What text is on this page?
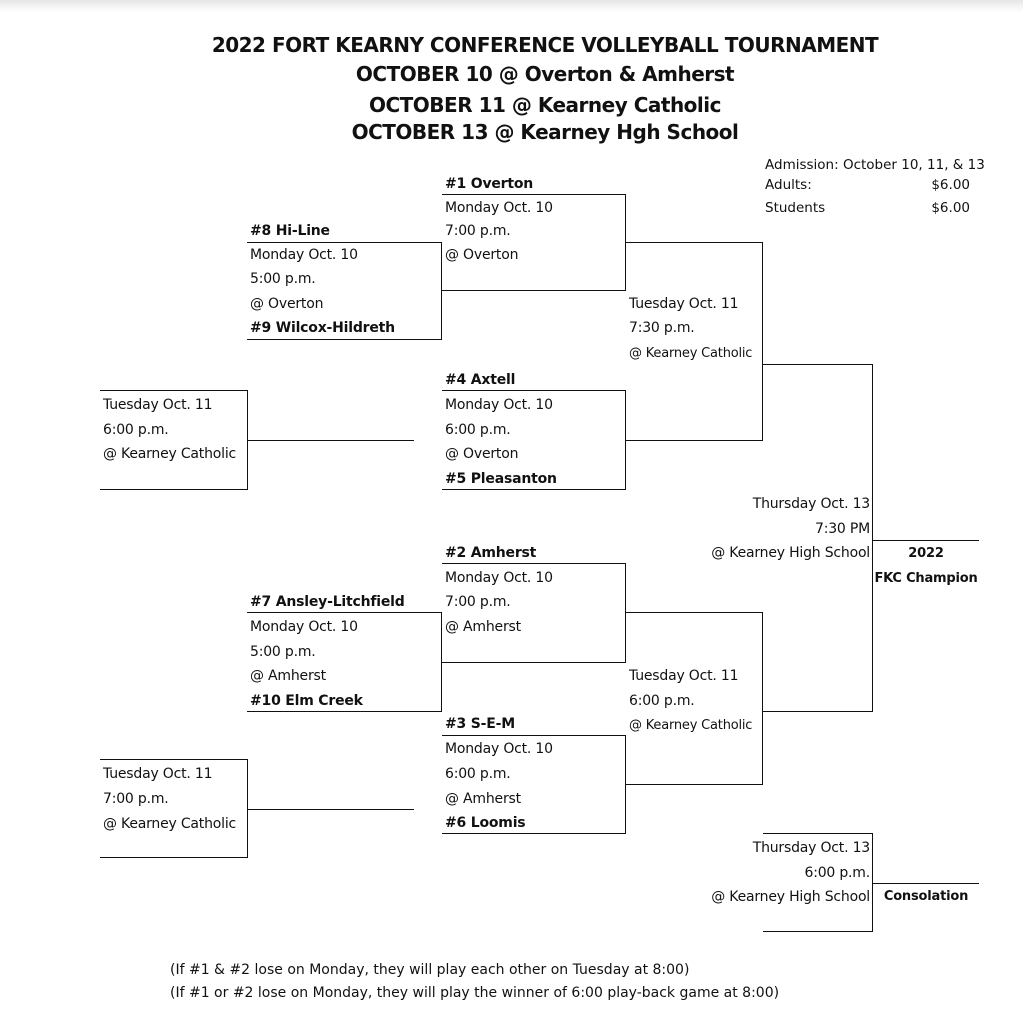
2022 FORT KEARNY CONFERENCE VOLLEYBALL TOURNAMENT
OCTOBER 10 @ Overton & Amherst
OCTOBER 11 @ Kearney Catholic
OCTOBER 13 @ Kearney Hgh School
Admission: October 10, 11, & 13
Adults:	$6.00
Students	$6.00
#8 Hi-Line
Monday Oct. 10
5:00 p.m.
@ Overton
#9 Wilcox-Hildreth
#1 Overton
Monday Oct. 10
7:00 p.m.
@ Overton
#4 Axtell
Monday Oct. 10
6:00 p.m.
@ Overton
#5 Pleasanton
Tuesday Oct. 11
7:30 p.m.
@ Kearney Catholic
Tuesday Oct. 11
6:00 p.m.
@ Kearney Catholic
Thursday Oct. 13
7:30 PM
@ Kearney High School	2022
FKC Champion
#2 Amherst
Monday Oct. 10
7:00 p.m.
@ Amherst
#7 Ansley-Litchfield
Monday Oct. 10
5:00 p.m.
@ Amherst
#10 Elm Creek
#3 S-E-M
Monday Oct. 10
6:00 p.m.
@ Amherst
#6 Loomis
Tuesday Oct. 11
6:00 p.m.
@ Kearney Catholic
Tuesday Oct. 11
7:00 p.m.
@ Kearney Catholic
Thursday Oct. 13
6:00 p.m.
@ Kearney High School	Consolation
(If #1 & #2 lose on Monday, they will play each other on Tuesday at 8:00)
(If #1 or #2 lose on Monday, they will play the winner of 6:00 play-back game at 8:00)
